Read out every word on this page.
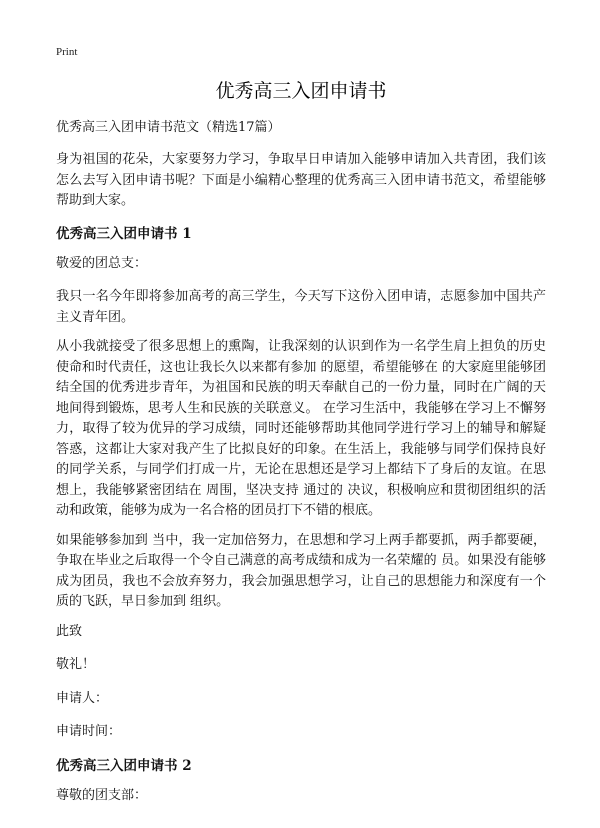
Print
优秀高三入团申请书
优秀高三入团申请书范文（精选17篇）

身为祖国的花朵，大家要努力学习，争取早日申请加入能够申请加入共青团，我们该怎么去写入团申请书呢？下面是小编精心整理的优秀高三入团申请书范文，希望能够帮助到大家。

优秀高三入团申请书 1

敬爱的团总支：

我只一名今年即将参加高考的高三学生，今天写下这份入团申请，志愿参加中国共产主义青年团。

从小我就接受了很多思想上的熏陶，让我深刻的认识到作为一名学生肩上担负的历史使命和时代责任，这也让我长久以来都有参加 的愿望，希望能够在 的大家庭里能够团结全国的优秀进步青年，为祖国和民族的明天奉献自己的一份力量，同时在广阔的天地间得到锻炼，思考人生和民族的关联意义。 在学习生活中，我能够在学习上不懈努力，取得了较为优异的学习成绩，同时还能够帮助其他同学进行学习上的辅导和解疑答惑，这都让大家对我产生了比拟良好的印象。在生活上，我能够与同学们保持良好的同学关系，与同学们打成一片，无论在思想还是学习上都结下了身后的友谊。在思想上，我能够紧密团结在 周围，坚决支持 通过的 决议，积极响应和贯彻团组织的活动和政策，能够为成为一名合格的团员打下不错的根底。

如果能够参加到 当中，我一定加倍努力，在思想和学习上两手都要抓，两手都要硬，争取在毕业之后取得一个令自己满意的高考成绩和成为一名荣耀的 员。如果没有能够成为团员，我也不会放弃努力，我会加强思想学习，让自己的思想能力和深度有一个质的飞跃，早日参加到 组织。

此致

敬礼！

申请人：

申请时间：

优秀高三入团申请书 2

尊敬的团支部：
